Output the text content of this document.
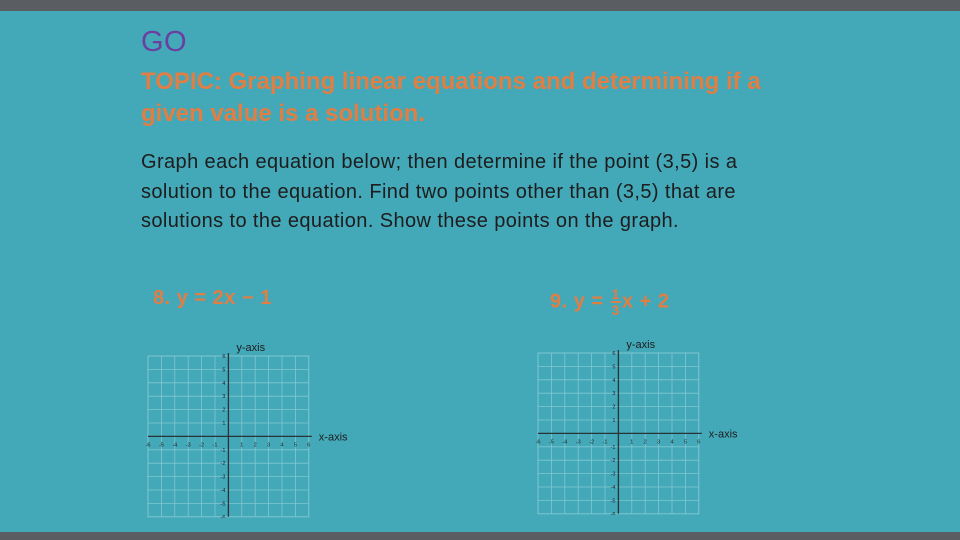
GO
TOPIC: Graphing linear equations and determining if a given value is a solution.
Graph each equation below; then determine if the point (3,5) is a solution to the equation. Find two points other than (3,5) that are solutions to the equation. Show these points on the graph.
8. y = 2x − 1	9. $y = \frac{1}{3}$ x + 2
y-axis
x-axis
-6 -5 -4 -3 -2 -1	1 2 3 4 5 6
6
5
4
3
2
1
-1
-2
-3
-4
-5
-6
y-axis
x-axis
-6 -5 -4 -3 -2 -1	1 2 3 4 5 6
6
5
4
3
2
1
-1
-2
-3
-4
-5
-6
